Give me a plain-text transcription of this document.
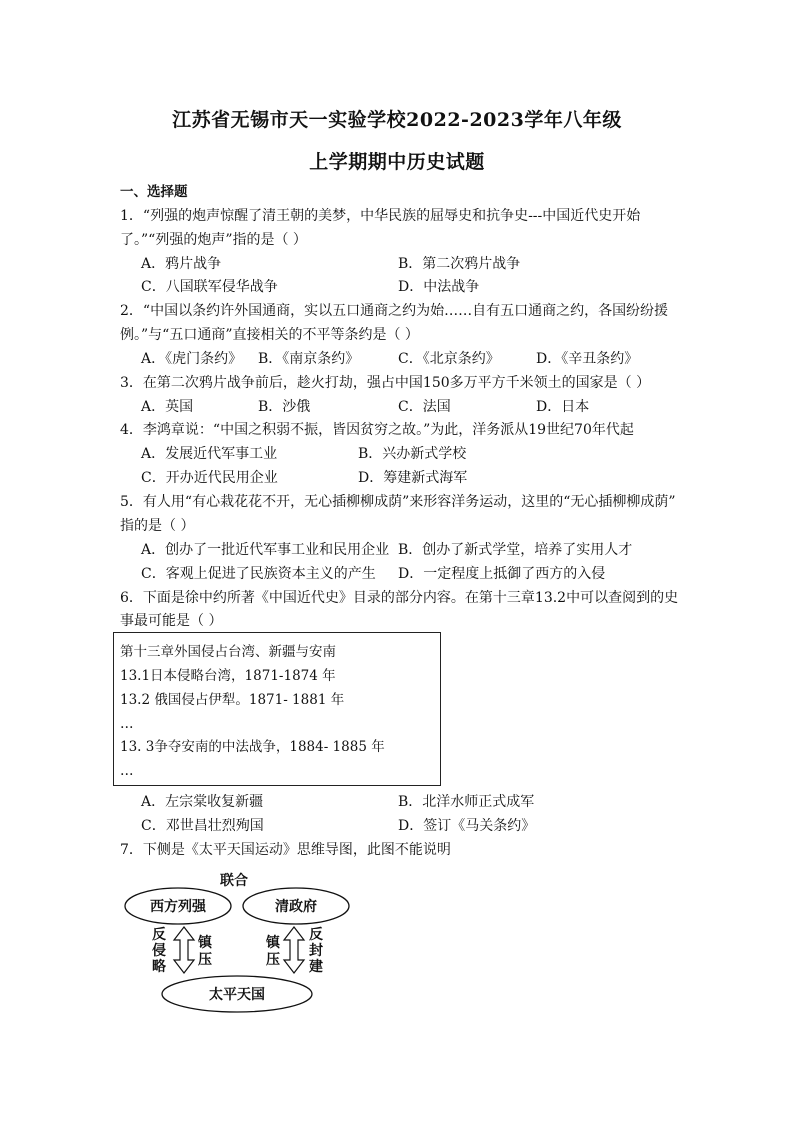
江苏省无锡市天一实验学校2022-2023学年八年级
上学期期中历史试题
一、选择题
1．“列强的炮声惊醒了清王朝的美梦，中华民族的屈辱史和抗争史---中国近代史开始
了。”“列强的炮声”指的是（ ）
A．鸦片战争	B．第二次鸦片战争
C．八国联军侵华战争	D．中法战争
2．“中国以条约许外国通商，实以五口通商之约为始……自有五口通商之约，各国纷纷援
例。”与“五口通商”直接相关的不平等条约是（ ）
A．《虎门条约》 B．《南京条约》	C．《北京条约》	D．《辛丑条约》
3．在第二次鸦片战争前后，趁火打劫，强占中国150多万平方千米领土的国家是（ ）
A．英国	B．沙俄	C．法国	D．日本
4．李鸿章说：“中国之积弱不振，皆因贫穷之故。”为此，洋务派从19世纪70年代起
A．发展近代军事工业	B．兴办新式学校
C．开办近代民用企业	D．筹建新式海军
5．有人用“有心栽花花不开，无心插柳柳成荫”来形容洋务运动，这里的“无心插柳柳成荫”
指的是（ ）
A．创办了一批近代军事工业和民用企业 B．创办了新式学堂，培养了实用人才
C．客观上促进了民族资本主义的产生 D．一定程度上抵御了西方的入侵
6．下面是徐中约所著《中国近代史》目录的部分内容。在第十三章13.2中可以查阅到的史
事最可能是（ ）
第十三章外国侵占台湾、新疆与安南
13.1日本侵略台湾，1871-1874 年
13.2 俄国侵占伊犁。1871- 1881 年
…
13. 3争夺安南的中法战争，1884- 1885 年
…
A．左宗棠收复新疆	B．北洋水师正式成军
C．邓世昌壮烈殉国	D．签订《马关条约》
7．下侧是《太平天国运动》思维导图，此图不能说明
联合
西方列强	清政府
太平天国
反
侵
略
镇
压
镇
压
反
封
建
